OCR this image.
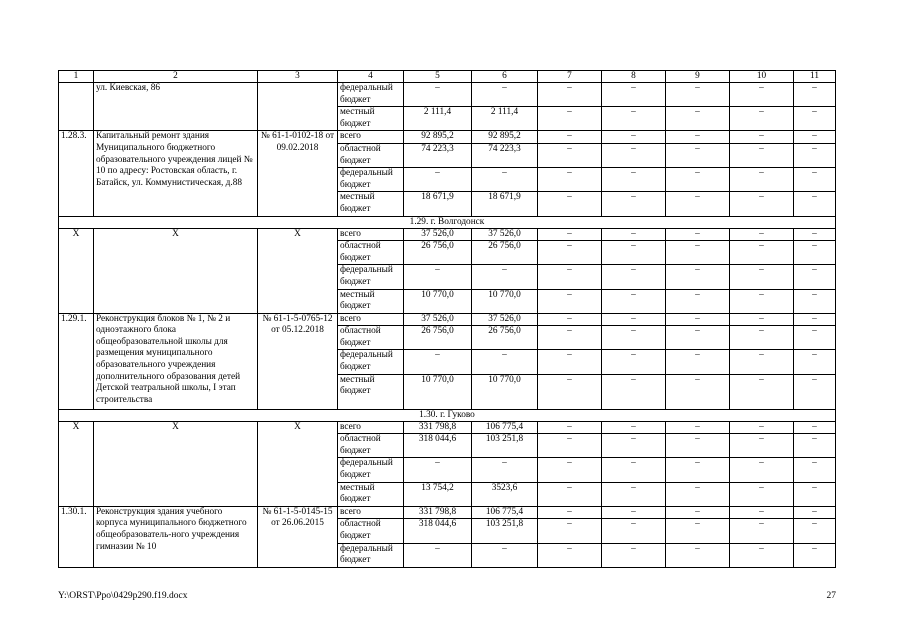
1	2	3	4	5	6	7	8	9	10	11
	ул. Киевская, 86		федеральный бюджет	–	–	–	–	–	–	–
			местный бюджет	2 111,4	2 111,4	–	–	–	–	–
1.28.3.	Капитальный ремонт здания Муниципального бюджетного образовательного учреждения лицей № 10 по адресу: Ростовская область, г. Батайск, ул. Коммунистическая, д.88	№ 61-1-0102-18 от 09.02.2018	всего	92 895,2	92 895,2	–	–	–	–	–
			областной бюджет	74 223,3	74 223,3	–	–	–	–	–
			федеральный бюджет	–	–	–	–	–	–	–
			местный бюджет	18 671,9	18 671,9	–	–	–	–	–
1.29. г. Волгодонск										
X	X	X	всего	37 526,0	37 526,0	–	–	–	–	–
			областной бюджет	26 756,0	26 756,0	–	–	–	–	–
			федеральный бюджет	–	–	–	–	–	–	–
			местный бюджет	10 770,0	10 770,0	–	–	–	–	–
1.29.1.	Реконструкция блоков № 1, № 2 и одноэтажного блока общеобразовательной школы для размещения муниципального образовательного учреждения дополнительного образования детей Детской театральной школы, I этап строительства	№ 61-1-5-0765-12 от 05.12.2018	всего	37 526,0	37 526,0	–	–	–	–	–
			областной бюджет	26 756,0	26 756,0	–	–	–	–	–
			федеральный бюджет	–	–	–	–	–	–	–
			местный бюджет	10 770,0	10 770,0	–	–	–	–	–
1.30. г. Гуково										
X	X	X	всего	331 798,8	106 775,4	–	–	–	–	–
			областной бюджет	318 044,6	103 251,8	–	–	–	–	–
			федеральный бюджет	–	–	–	–	–	–	–
			местный бюджет	13 754,2	3523,6	–	–	–	–	–
1.30.1.	Реконструкция здания учебного корпуса муниципального бюджетного общеобразователь-ного учреждения гимназии № 10	№ 61-1-5-0145-15 от 26.06.2015	всего	331 798,8	106 775,4	–	–	–	–	–
			областной бюджет	318 044,6	103 251,8	–	–	–	–	–
			федеральный бюджет	–	–	–	–	–	–	–
Y:\ORST\Ppo\0429p290.f19.docx	27
